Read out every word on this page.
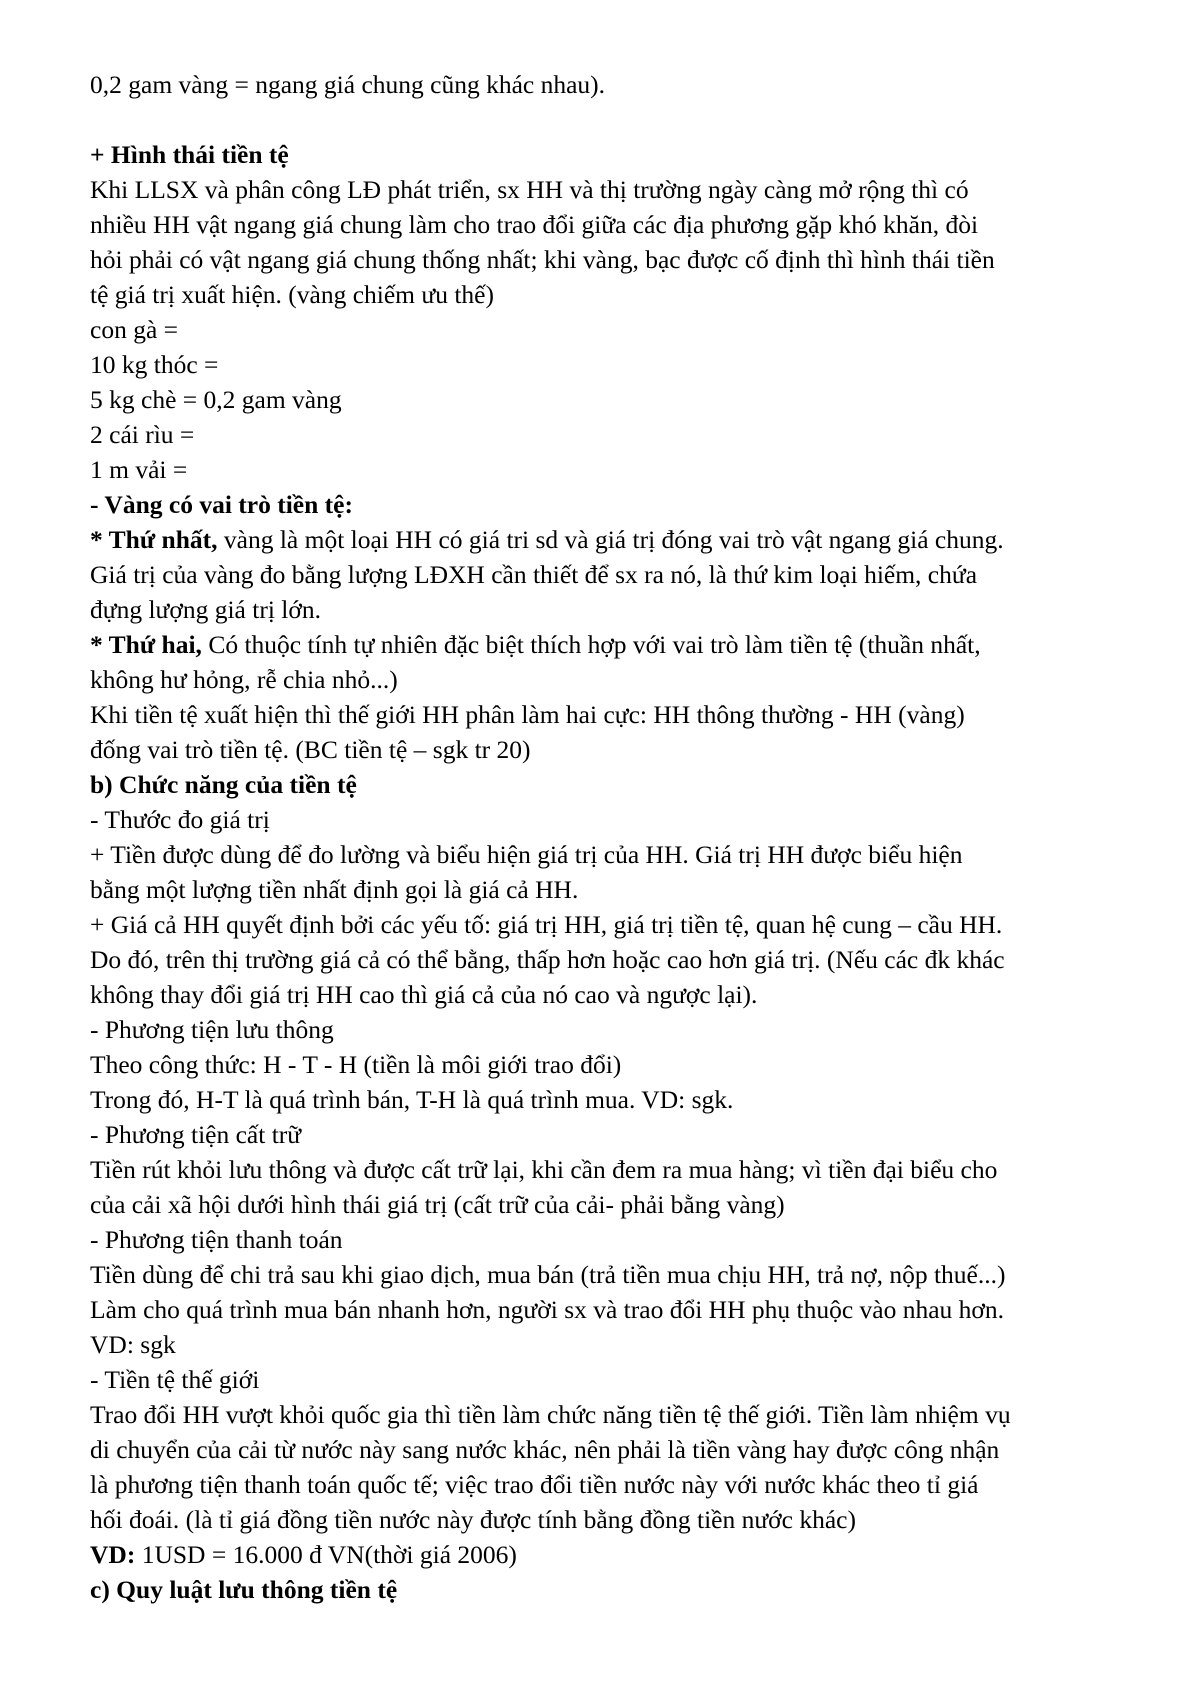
0,2 gam vàng = ngang giá chung cũng khác nhau).
+ Hình thái tiền tệ
Khi LLSX và phân công LĐ phát triển, sx HH và thị trường ngày càng mở rộng thì có
nhiều HH vật ngang giá chung làm cho trao đổi giữa các địa phương gặp khó khăn, đòi
hỏi phải có vật ngang giá chung thống nhất; khi vàng, bạc được cố định thì hình thái tiền
tệ giá trị xuất hiện. (vàng chiếm ưu thế)
con gà =
10 kg thóc =
5 kg chè = 0,2 gam vàng
2 cái rìu =
1 m vải =
- Vàng có vai trò tiền tệ:
* Thứ nhất, vàng là một loại HH có giá tri sd và giá trị đóng vai trò vật ngang giá chung.
Giá trị của vàng đo bằng lượng LĐXH cần thiết để sx ra nó, là thứ kim loại hiếm, chứa
đựng lượng giá trị lớn.
* Thứ hai, Có thuộc tính tự nhiên đặc biệt thích hợp với vai trò làm tiền tệ (thuần nhất,
không hư hỏng, rễ chia nhỏ...)
Khi tiền tệ xuất hiện thì thế giới HH phân làm hai cực: HH thông thường - HH (vàng)
đống vai trò tiền tệ. (BC tiền tệ – sgk tr 20)
b) Chức năng của tiền tệ
- Thước đo giá trị
+ Tiền được dùng để đo lường và biểu hiện giá trị của HH. Giá trị HH được biểu hiện
bằng một lượng tiền nhất định gọi là giá cả HH.
+ Giá cả HH quyết định bởi các yếu tố: giá trị HH, giá trị tiền tệ, quan hệ cung – cầu HH.
Do đó, trên thị trường giá cả có thể bằng, thấp hơn hoặc cao hơn giá trị. (Nếu các đk khác
không thay đổi giá trị HH cao thì giá cả của nó cao và ngược lại).
- Phương tiện lưu thông
Theo công thức: H - T - H (tiền là môi giới trao đổi)
Trong đó, H-T là quá trình bán, T-H là quá trình mua. VD: sgk.
- Phương tiện cất trữ
Tiền rút khỏi lưu thông và được cất trữ lại, khi cần đem ra mua hàng; vì tiền đại biểu cho
của cải xã hội dưới hình thái giá trị (cất trữ của cải- phải bằng vàng)
- Phương tiện thanh toán
Tiền dùng để chi trả sau khi giao dịch, mua bán (trả tiền mua chịu HH, trả nợ, nộp thuế...)
Làm cho quá trình mua bán nhanh hơn, người sx và trao đổi HH phụ thuộc vào nhau hơn.
VD: sgk
- Tiền tệ thế giới
Trao đổi HH vượt khỏi quốc gia thì tiền làm chức năng tiền tệ thế giới. Tiền làm nhiệm vụ
di chuyển của cải từ nước này sang nước khác, nên phải là tiền vàng hay được công nhận
là phương tiện thanh toán quốc tế; việc trao đổi tiền nước này với nước khác theo tỉ giá
hối đoái. (là tỉ giá đồng tiền nước này được tính bằng đồng tiền nước khác)
VD: 1USD = 16.000 đ VN(thời giá 2006)
c) Quy luật lưu thông tiền tệ
